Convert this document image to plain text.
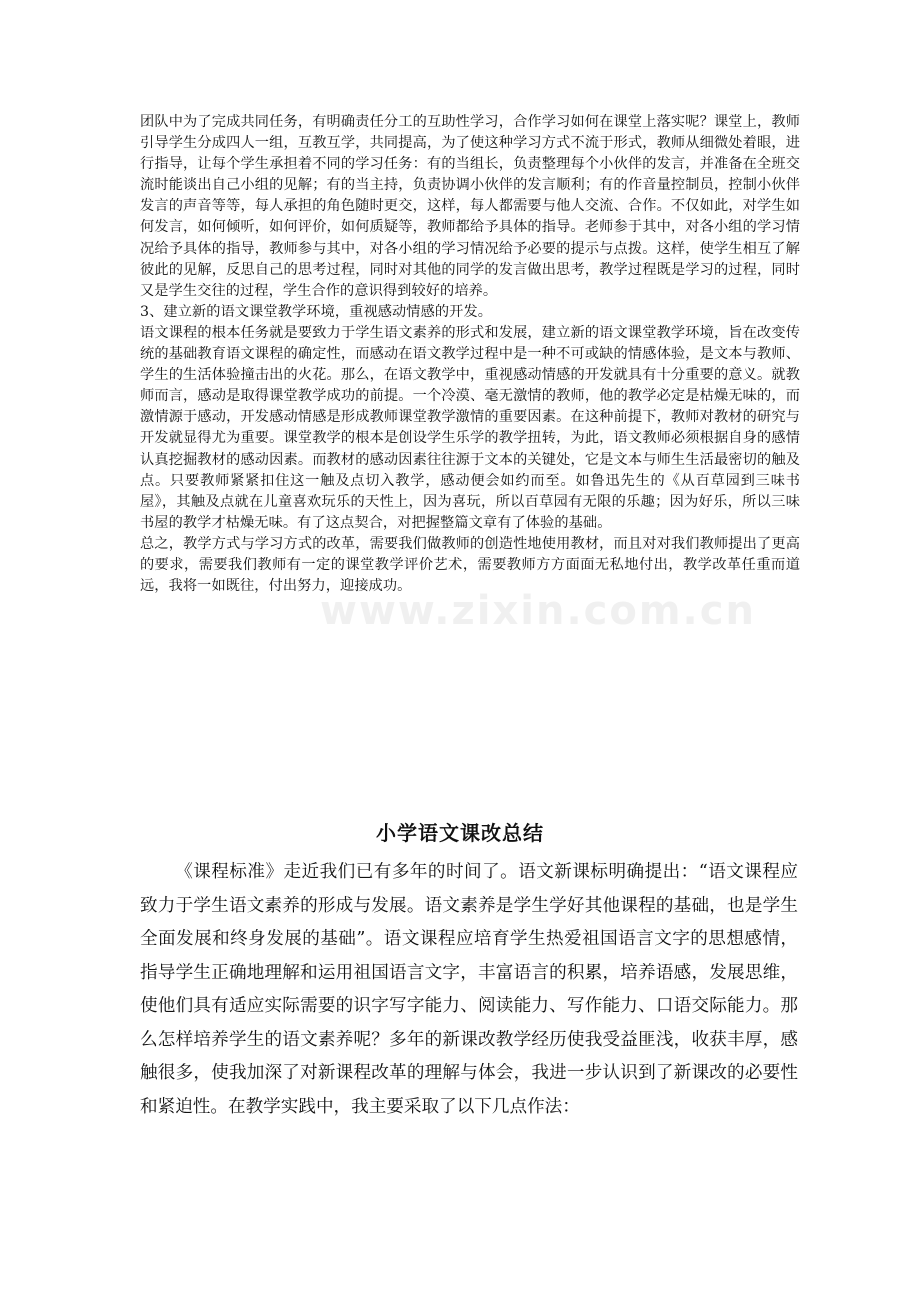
团队中为了完成共同任务，有明确责任分工的互助性学习，合作学习如何在课堂上落实呢？课堂上，教师引导学生分成四人一组，互教互学，共同提高，为了使这种学习方式不流于形式，教师从细微处着眼，进行指导，让每个学生承担着不同的学习任务：有的当组长，负责整理每个小伙伴的发言，并准备在全班交流时能谈出自己小组的见解；有的当主持，负责协调小伙伴的发言顺利；有的作音量控制员，控制小伙伴发言的声音等等，每人承担的角色随时更交，这样，每人都需要与他人交流、合作。不仅如此，对学生如何发言，如何倾听，如何评价，如何质疑等，教师都给予具体的指导。老师参于其中，对各小组的学习情况给予具体的指导，教师参与其中，对各小组的学习情况给予必要的提示与点拨。这样，使学生相互了解彼此的见解，反思自己的思考过程，同时对其他的同学的发言做出思考，教学过程既是学习的过程，同时又是学生交往的过程，学生合作的意识得到较好的培养。

3、建立新的语文课堂教学环境，重视感动情感的开发。

语文课程的根本任务就是要致力于学生语文素养的形式和发展，建立新的语文课堂教学环境，旨在改变传统的基础教育语文课程的确定性，而感动在语文教学过程中是一种不可或缺的情感体验，是文本与教师、学生的生活体验撞击出的火花。那么，在语文教学中，重视感动情感的开发就具有十分重要的意义。就教师而言，感动是取得课堂教学成功的前提。一个冷漠、毫无激情的教师，他的教学必定是枯燥无味的，而激情源于感动，开发感动情感是形成教师课堂教学激情的重要因素。在这种前提下，教师对教材的研究与开发就显得尤为重要。课堂教学的根本是创设学生乐学的教学扭转，为此，语文教师必须根据自身的感情认真挖掘教材的感动因素。而教材的感动因素往往源于文本的关键处，它是文本与师生生活最密切的触及点。只要教师紧紧扣住这一触及点切入教学，感动便会如约而至。如鲁迅先生的《从百草园到三味书屋》，其触及点就在儿童喜欢玩乐的天性上，因为喜玩，所以百草园有无限的乐趣；因为好乐，所以三味书屋的教学才枯燥无味。有了这点契合，对把握整篇文章有了体验的基础。

总之，教学方式与学习方式的改革，需要我们做教师的创造性地使用教材，而且对对我们教师提出了更高的要求，需要我们教师有一定的课堂教学评价艺术，需要教师方方面面无私地付出，教学改革任重而道远，我将一如既往，付出努力，迎接成功。

www.zixin.com.cn
小学语文课改总结

《课程标准》走近我们已有多年的时间了。语文新课标明确提出：“语文课程应致力于学生语文素养的形成与发展。语文素养是学生学好其他课程的基础，也是学生全面发展和终身发展的基础”。语文课程应培育学生热爱祖国语言文字的思想感情，指导学生正确地理解和运用祖国语言文字，丰富语言的积累，培养语感，发展思维，使他们具有适应实际需要的识字写字能力、阅读能力、写作能力、口语交际能力。那么怎样培养学生的语文素养呢？多年的新课改教学经历使我受益匪浅，收获丰厚，感触很多，使我加深了对新课程改革的理解与体会，我进一步认识到了新课改的必要性和紧迫性。在教学实践中，我主要采取了以下几点作法：
